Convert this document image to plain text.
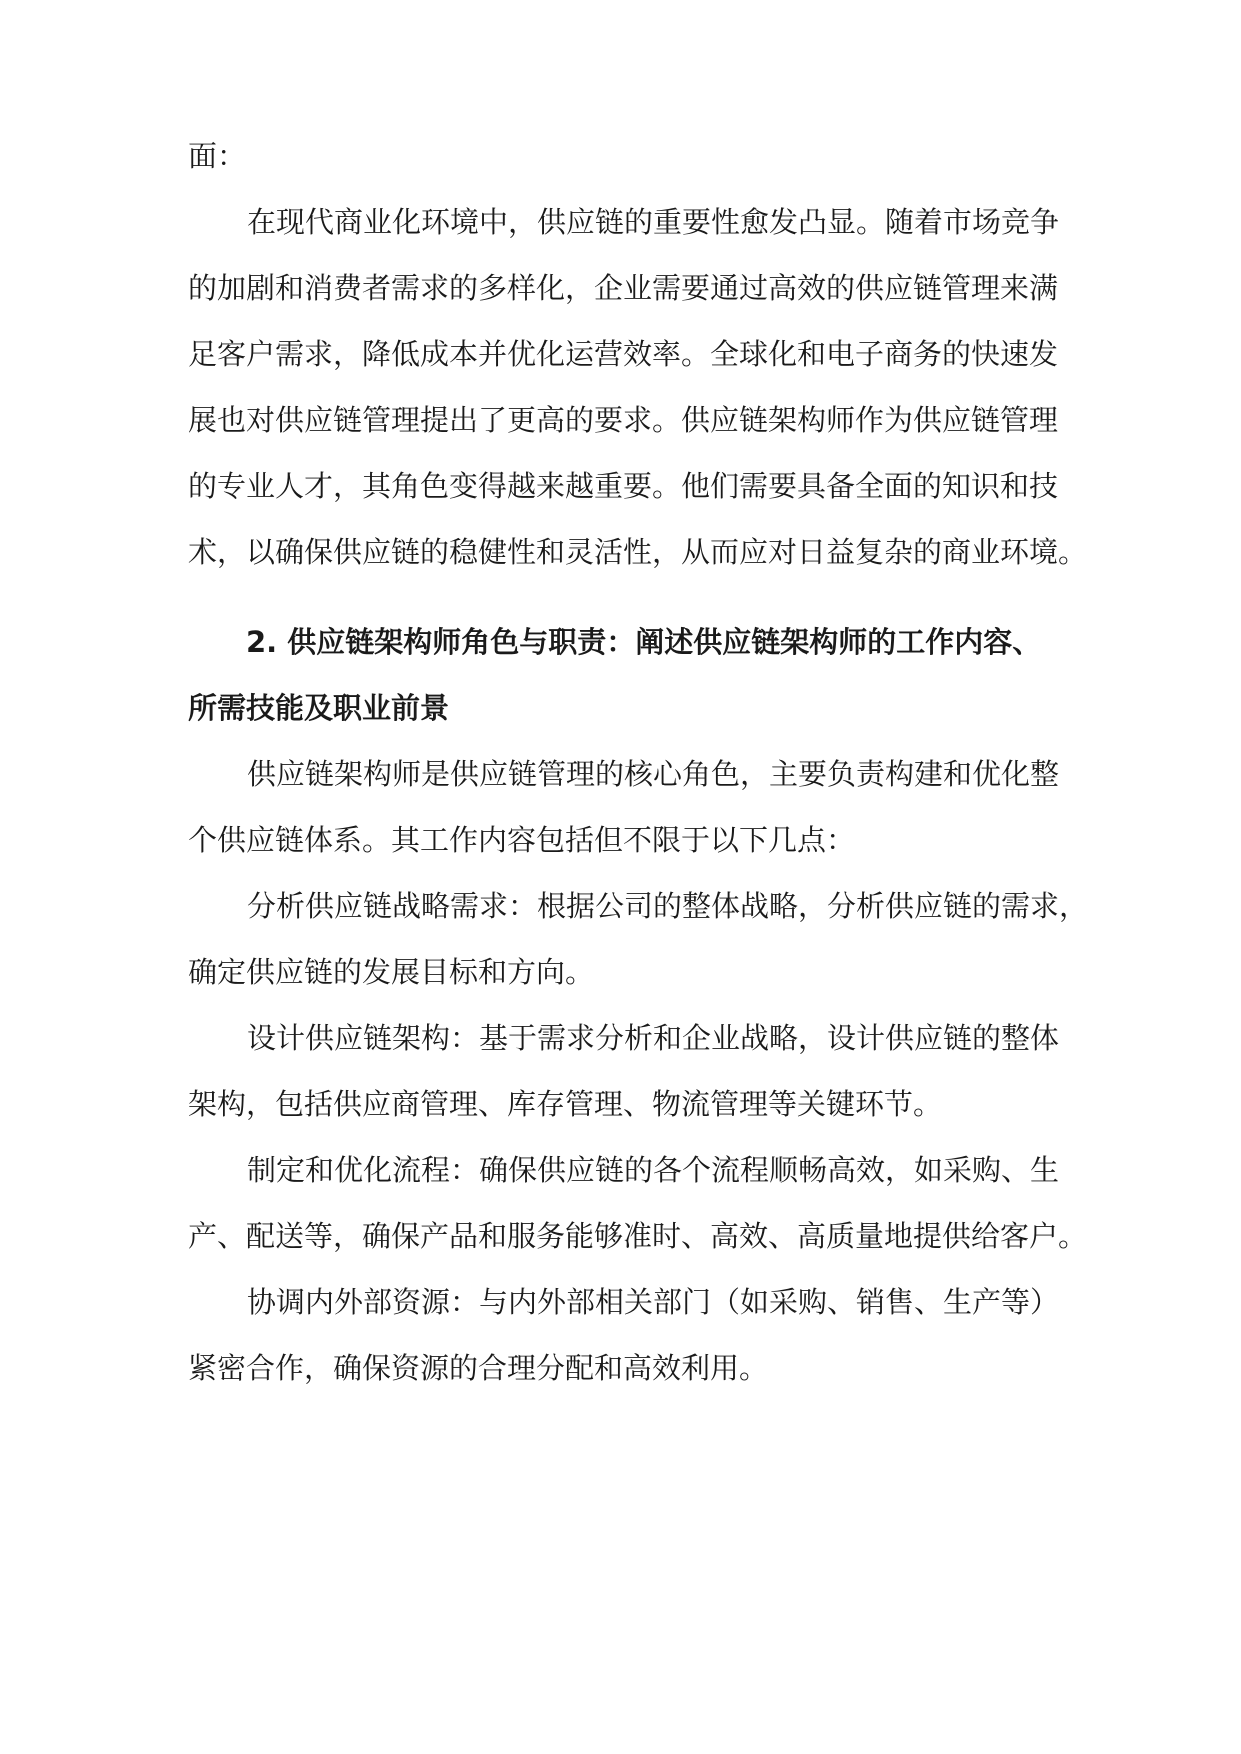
面：
在现代商业化环境中，供应链的重要性愈发凸显。随着市场竞争
的加剧和消费者需求的多样化，企业需要通过高效的供应链管理来满
足客户需求，降低成本并优化运营效率。全球化和电子商务的快速发
展也对供应链管理提出了更高的要求。供应链架构师作为供应链管理
的专业人才，其角色变得越来越重要。他们需要具备全面的知识和技
术，以确保供应链的稳健性和灵活性，从而应对日益复杂的商业环境。
2. 供应链架构师角色与职责：阐述供应链架构师的工作内容、
所需技能及职业前景
供应链架构师是供应链管理的核心角色，主要负责构建和优化整
个供应链体系。其工作内容包括但不限于以下几点：
分析供应链战略需求：根据公司的整体战略，分析供应链的需求，
确定供应链的发展目标和方向。
设计供应链架构：基于需求分析和企业战略，设计供应链的整体
架构，包括供应商管理、库存管理、物流管理等关键环节。
制定和优化流程：确保供应链的各个流程顺畅高效，如采购、生
产、配送等，确保产品和服务能够准时、高效、高质量地提供给客户。
协调内外部资源：与内外部相关部门（如采购、销售、生产等）
紧密合作，确保资源的合理分配和高效利用。
